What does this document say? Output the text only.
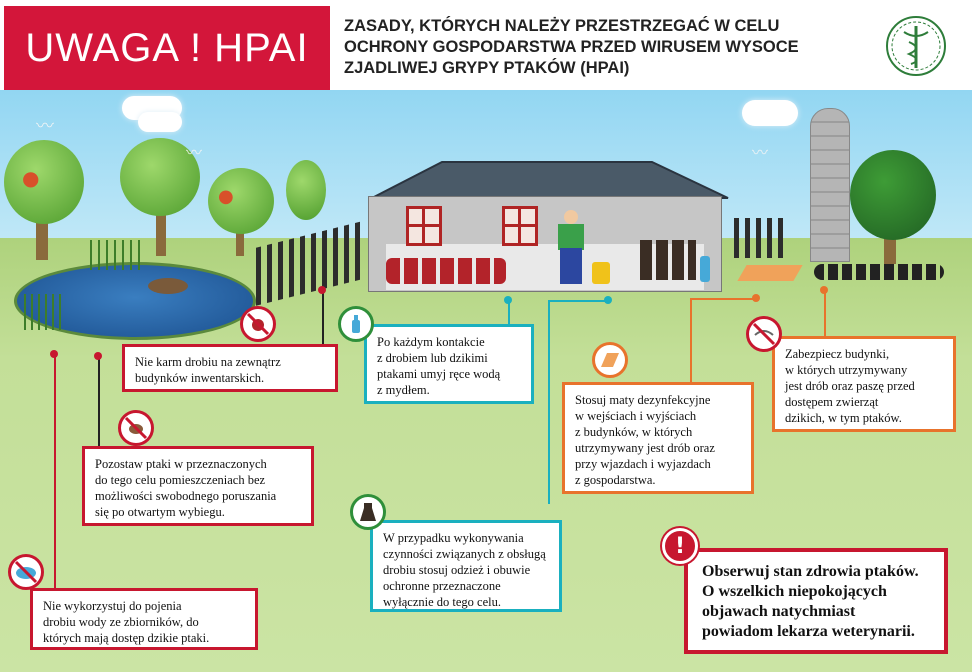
UWAGA ! HPAI ZASADY, KTÓRYCH NALEŻY PRZESTRZEGAĆ W CELU
OCHRONY GOSPODARSTWA PRZED WIRUSEM WYSOCE
ZJADLIWEJ GRYPY PTAKÓW (HPAI)
●
●
〰
〰	〰
Nie karm drobiu na zewnątrz
budynków inwentarskich.
Po każdym kontakcie
z drobiem lub dzikimi
ptakami umyj ręce wodą
z mydłem.
Pozostaw ptaki w przeznaczonych
do tego celu pomieszczeniach bez
możliwości swobodnego poruszania
się po otwartym wybiegu.
Stosuj maty dezynfekcyjne
w wejściach i wyjściach
z budynków, w których
utrzymywany jest drób oraz
przy wjazdach i wyjazdach
z gospodarstwa.
Zabezpiecz budynki,
w których utrzymywany
jest drób oraz paszę przed
dostępem zwierząt
dzikich, w tym ptaków.
W przypadku wykonywania
czynności związanych z obsługą
drobiu stosuj odzież i obuwie
ochronne przeznaczone
wyłącznie do tego celu.
Nie wykorzystuj do pojenia
drobiu wody ze zbiorników, do
których mają dostęp dzikie ptaki.
Obserwuj stan zdrowia ptaków.
O wszelkich niepokojących
objawach natychmiast
powiadom lekarza weterynarii.
!
